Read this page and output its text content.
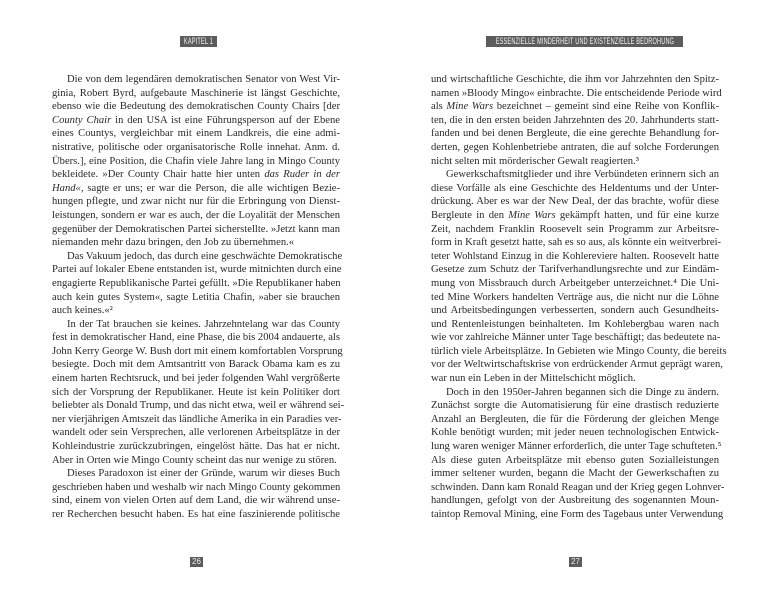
KAPITEL 1	ESSENZIELLE MINDERHEIT UND EXISTENZIELLE BEDROHUNG
Die von dem legendären demokratischen Senator von West Vir-
ginia, Robert Byrd, aufgebaute Maschinerie ist längst Geschichte,
ebenso wie die Bedeutung des demokratischen County Chairs [der
County Chair in den USA ist eine Führungsperson auf der Ebene
eines Countys, vergleichbar mit einem Landkreis, die eine admi-
nistrative, politische oder organisatorische Rolle innehat. Anm. d.
Übers.], eine Position, die Chafin viele Jahre lang in Mingo County
bekleidete. »Der County Chair hatte hier unten das Ruder in der
Hand«, sagte er uns; er war die Person, die alle wichtigen Bezie-
hungen pflegte, und zwar nicht nur für die Erbringung von Dienst-
leistungen, sondern er war es auch, der die Loyalität der Menschen
gegenüber der Demokratischen Partei sicherstellte. »Jetzt kann man
niemanden mehr dazu bringen, den Job zu übernehmen.«
Das Vakuum jedoch, das durch eine geschwächte Demokratische
Partei auf lokaler Ebene entstanden ist, wurde mitnichten durch eine
engagierte Republikanische Partei gefüllt. »Die Republikaner haben
auch kein gutes System«, sagte Letitia Chafin, »aber sie brauchen
auch keines.«²
In der Tat brauchen sie keines. Jahrzehntelang war das County
fest in demokratischer Hand, eine Phase, die bis 2004 andauerte, als
John Kerry George W. Bush dort mit einem komfortablen Vorsprung
besiegte. Doch mit dem Amtsantritt von Barack Obama kam es zu
einem harten Rechtsruck, und bei jeder folgenden Wahl vergrößerte
sich der Vorsprung der Republikaner. Heute ist kein Politiker dort
beliebter als Donald Trump, und das nicht etwa, weil er während sei-
ner vierjährigen Amtszeit das ländliche Amerika in ein Paradies ver-
wandelt oder sein Versprechen, alle verlorenen Arbeitsplätze in der
Kohleindustrie zurückzubringen, eingelöst hätte. Das hat er nicht.
Aber in Orten wie Mingo County scheint das nur wenige zu stören.
Dieses Paradoxon ist einer der Gründe, warum wir dieses Buch
geschrieben haben und weshalb wir nach Mingo County gekommen
sind, einem von vielen Orten auf dem Land, die wir während unse-
rer Recherchen besucht haben. Es hat eine faszinierende politische
und wirtschaftliche Geschichte, die ihm vor Jahrzehnten den Spitz-
namen »Bloody Mingo« einbrachte. Die entscheidende Periode wird
als Mine Wars bezeichnet – gemeint sind eine Reihe von Konflik-
ten, die in den ersten beiden Jahrzehnten des 20. Jahrhunderts statt-
fanden und bei denen Bergleute, die eine gerechte Behandlung for-
derten, gegen Kohlenbetriebe antraten, die auf solche Forderungen
nicht selten mit mörderischer Gewalt reagierten.³
Gewerkschaftsmitglieder und ihre Verbündeten erinnern sich an
diese Vorfälle als eine Geschichte des Heldentums und der Unter-
drückung. Aber es war der New Deal, der das brachte, wofür diese
Bergleute in den Mine Wars gekämpft hatten, und für eine kurze
Zeit, nachdem Franklin Roosevelt sein Programm zur Arbeitsre-
form in Kraft gesetzt hatte, sah es so aus, als könnte ein weitverbrei-
teter Wohlstand Einzug in die Kohlereviere halten. Roosevelt hatte
Gesetze zum Schutz der Tarifverhandlungsrechte und zur Eindäm-
mung von Missbrauch durch Arbeitgeber unterzeichnet.⁴ Die Uni-
ted Mine Workers handelten Verträge aus, die nicht nur die Löhne
und Arbeitsbedingungen verbesserten, sondern auch Gesundheits-
und Rentenleistungen beinhalteten. Im Kohlebergbau waren nach
wie vor zahlreiche Männer unter Tage beschäftigt; das bedeutete na-
türlich viele Arbeitsplätze. In Gebieten wie Mingo County, die bereits
vor der Weltwirtschaftskrise von erdrückender Armut geprägt waren,
war nun ein Leben in der Mittelschicht möglich.
Doch in den 1950er-Jahren begannen sich die Dinge zu ändern.
Zunächst sorgte die Automatisierung für eine drastisch reduzierte
Anzahl an Bergleuten, die für die Förderung der gleichen Menge
Kohle benötigt wurden; mit jeder neuen technologischen Entwick-
lung waren weniger Männer erforderlich, die unter Tage schufteten.⁵
Als diese guten Arbeitsplätze mit ebenso guten Sozialleistungen
immer seltener wurden, begann die Macht der Gewerkschaften zu
schwinden. Dann kam Ronald Reagan und der Krieg gegen Lohnver-
handlungen, gefolgt von der Ausbreitung des sogenannten Moun-
taintop Removal Mining, eine Form des Tagebaus unter Verwendung
26	27
